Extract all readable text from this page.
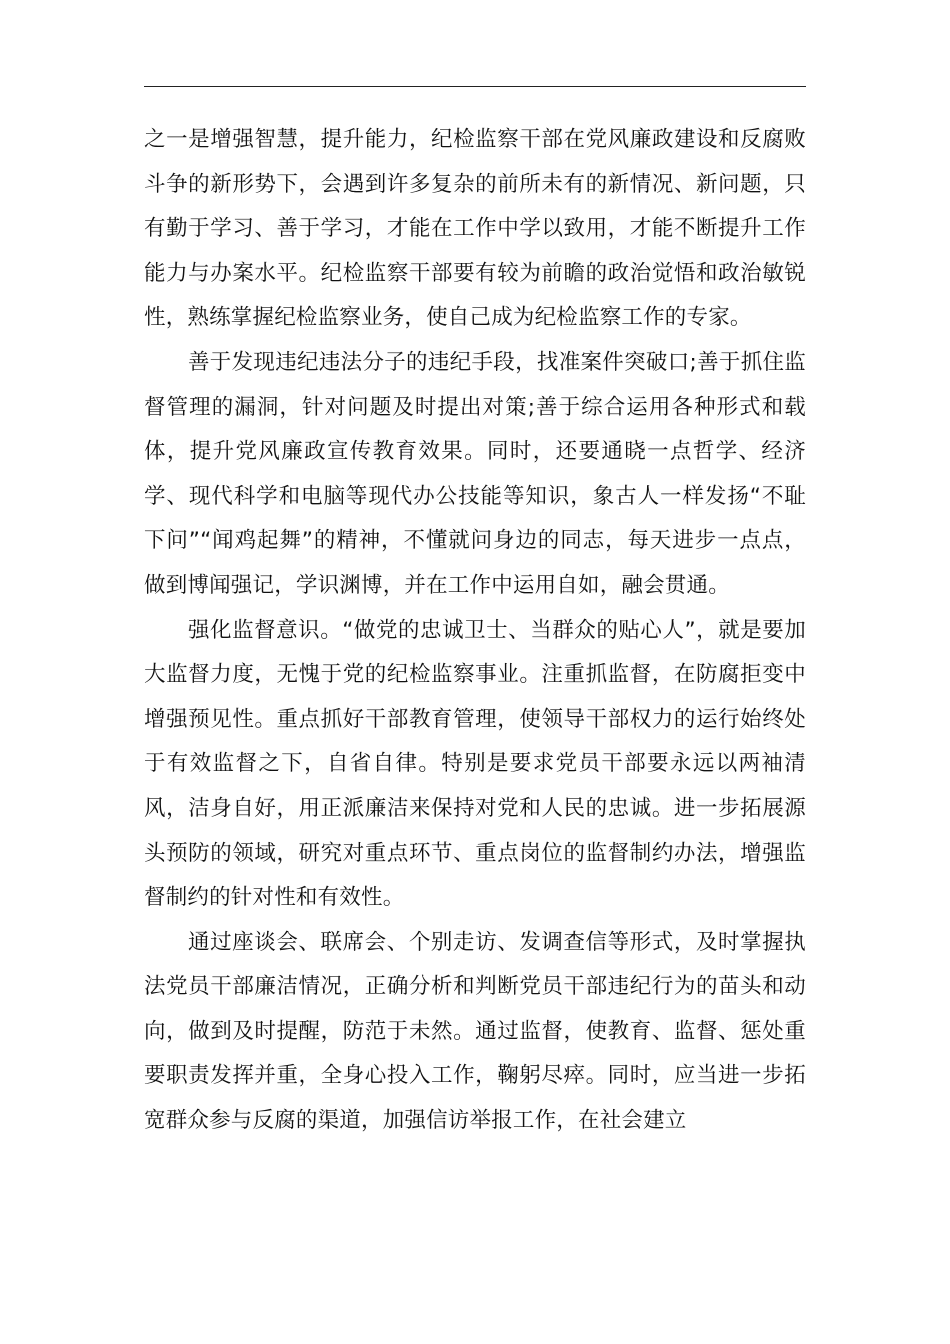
之一是增强智慧，提升能力，纪检监察干部在党风廉政建设和反腐败斗争的新形势下，会遇到许多复杂的前所未有的新情况、新问题，只有勤于学习、善于学习，才能在工作中学以致用，才能不断提升工作能力与办案水平。纪检监察干部要有较为前瞻的政治觉悟和政治敏锐性，熟练掌握纪检监察业务，使自己成为纪检监察工作的专家。

善于发现违纪违法分子的违纪手段，找准案件突破口;善于抓住监督管理的漏洞，针对问题及时提出对策;善于综合运用各种形式和载体，提升党风廉政宣传教育效果。同时，还要通晓一点哲学、经济学、现代科学和电脑等现代办公技能等知识，象古人一样发扬“不耻下问”“闻鸡起舞”的精神，不懂就问身边的同志，每天进步一点点，做到博闻强记，学识渊博，并在工作中运用自如，融会贯通。

强化监督意识。“做党的忠诚卫士、当群众的贴心人”，就是要加大监督力度，无愧于党的纪检监察事业。注重抓监督，在防腐拒变中增强预见性。重点抓好干部教育管理，使领导干部权力的运行始终处于有效监督之下，自省自律。特别是要求党员干部要永远以两袖清风，洁身自好，用正派廉洁来保持对党和人民的忠诚。进一步拓展源头预防的领域，研究对重点环节、重点岗位的监督制约办法，增强监督制约的针对性和有效性。

通过座谈会、联席会、个别走访、发调查信等形式，及时掌握执法党员干部廉洁情况，正确分析和判断党员干部违纪行为的苗头和动向，做到及时提醒，防范于未然。通过监督，使教育、监督、惩处重要职责发挥并重，全身心投入工作，鞠躬尽瘁。同时，应当进一步拓宽群众参与反腐的渠道，加强信访举报工作，在社会建立
